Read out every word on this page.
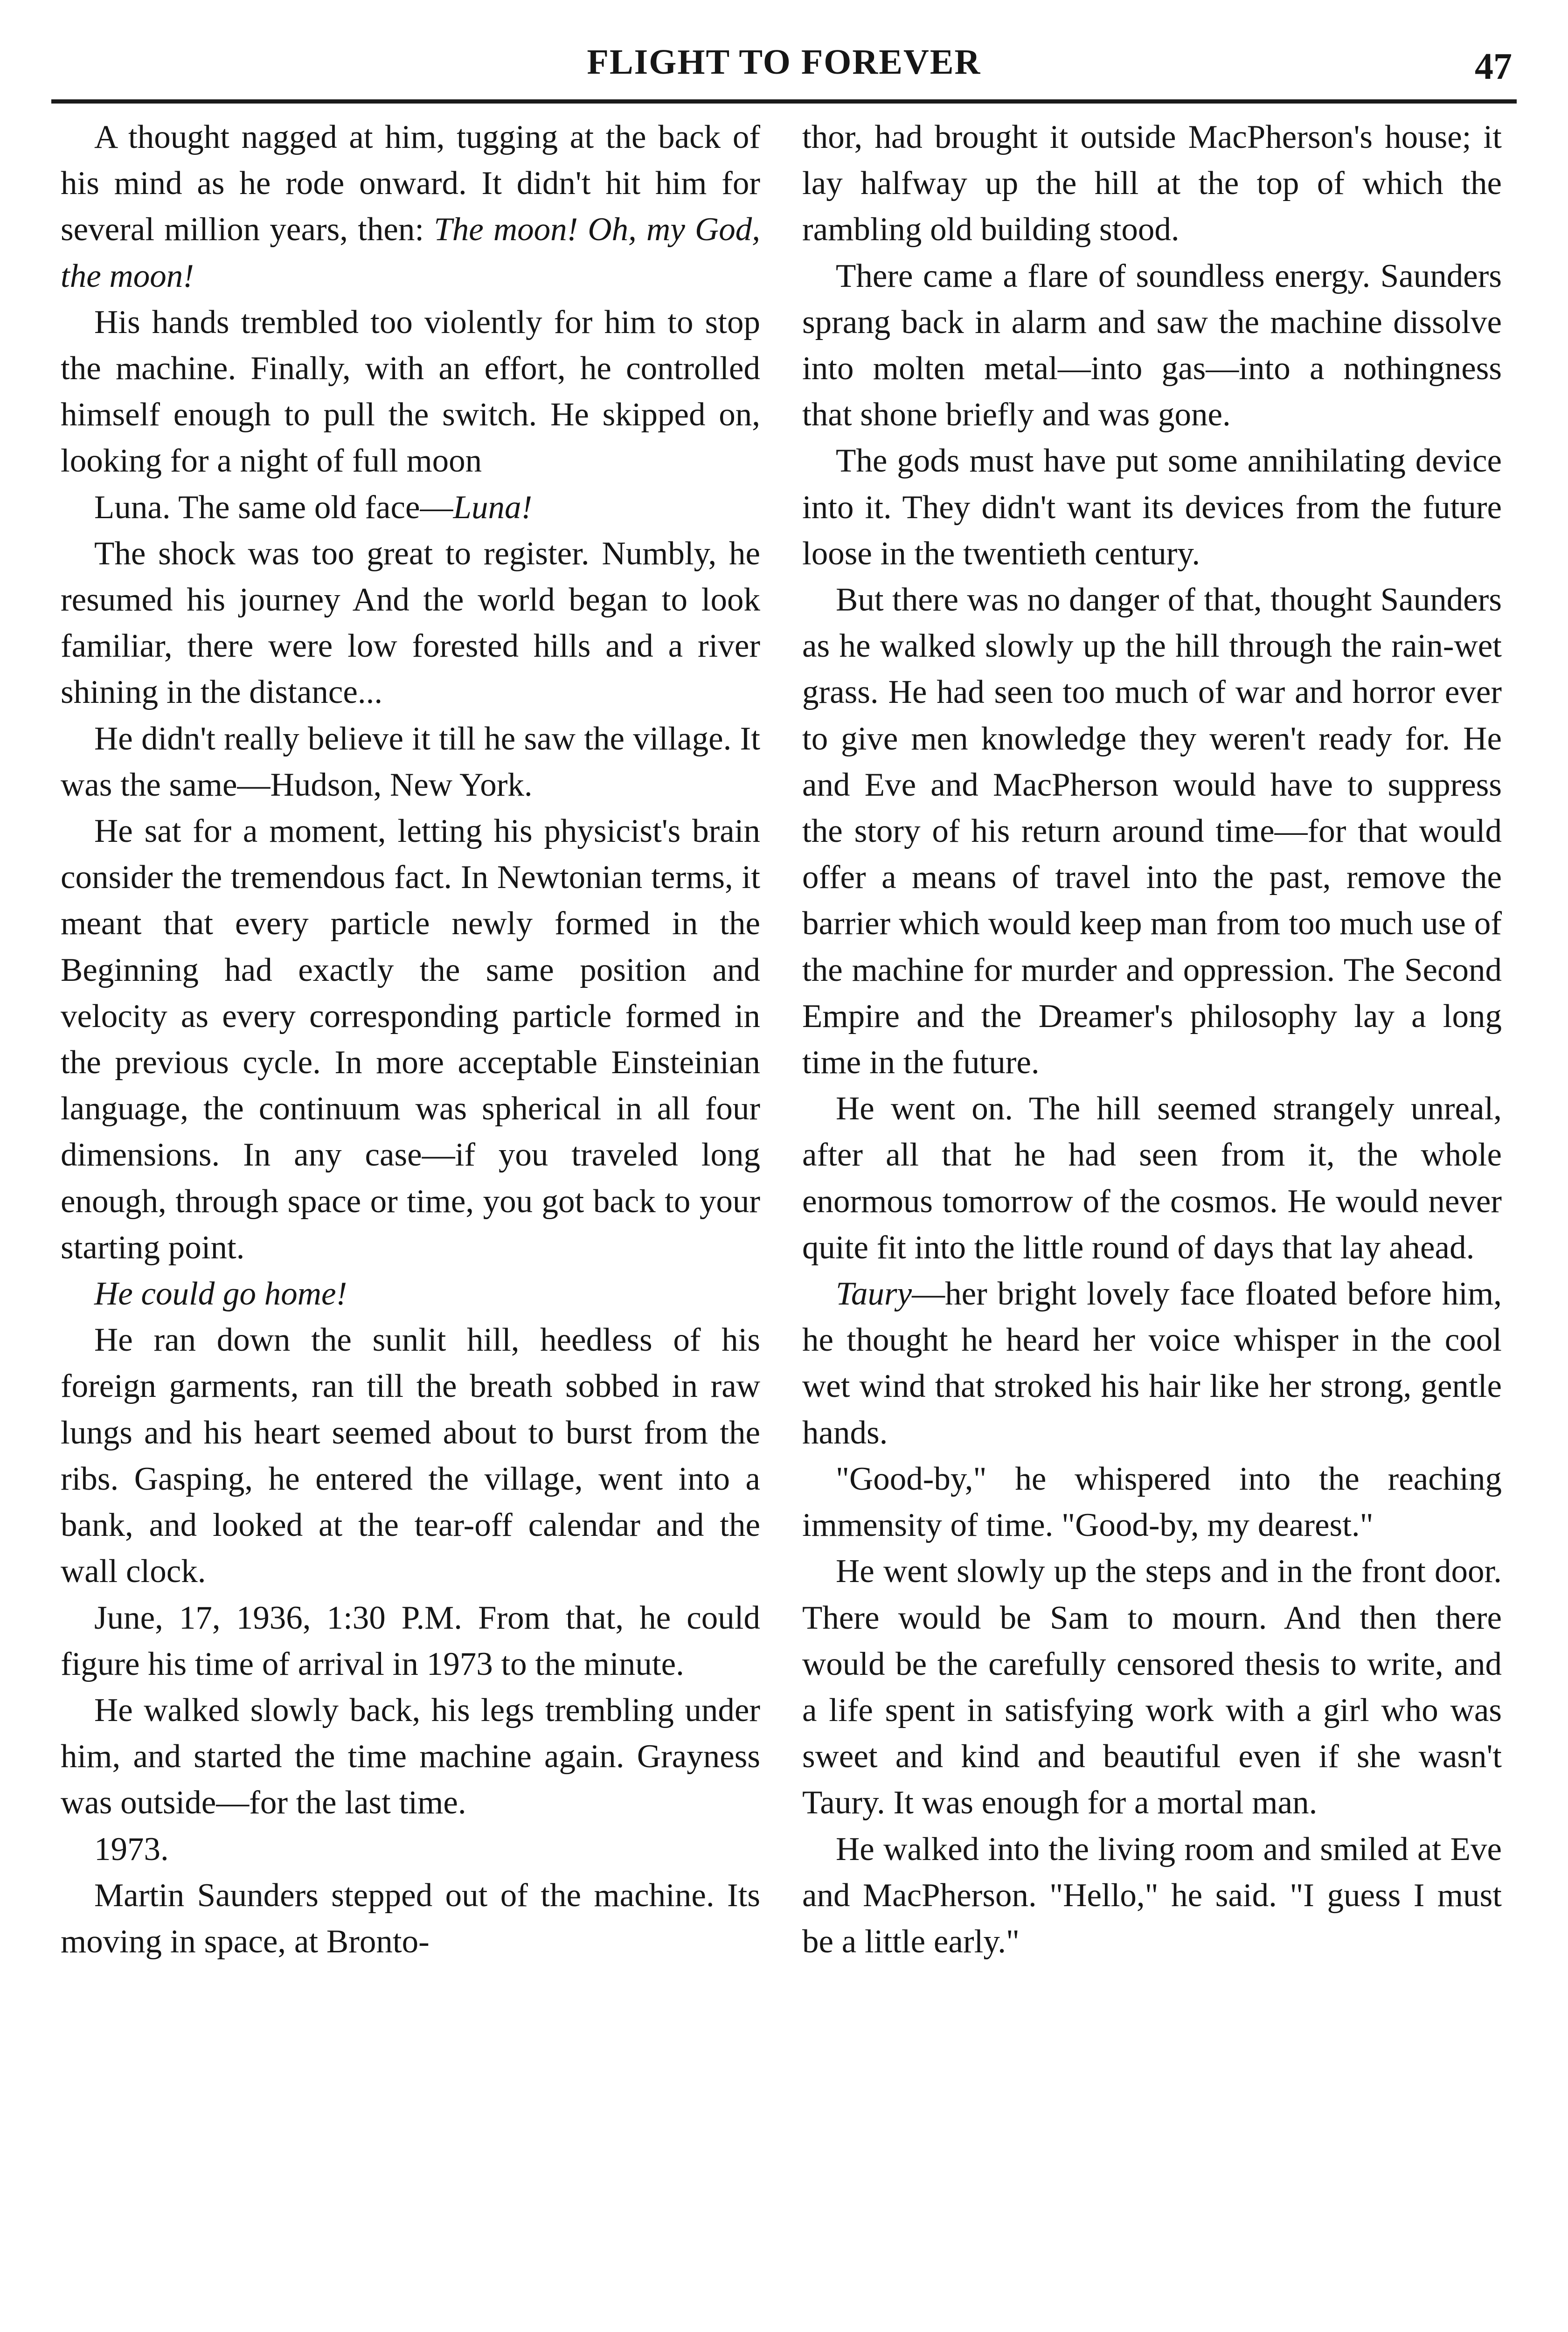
FLIGHT TO FOREVER	47

A thought nagged at him, tugging at the back of his mind as he rode onward. It didn't hit him for several million years, then: The moon! Oh, my God, the moon!

His hands trembled too violently for him to stop the machine. Finally, with an effort, he controlled himself enough to pull the switch. He skipped on, looking for a night of full moon

Luna. The same old face—Luna!

The shock was too great to register. Numbly, he resumed his journey And the world began to look familiar, there were low forested hills and a river shining in the distance...

He didn't really believe it till he saw the village. It was the same—Hudson, New York.

He sat for a moment, letting his physicist's brain consider the tremendous fact. In Newtonian terms, it meant that every particle newly formed in the Beginning had exactly the same position and velocity as every corresponding particle formed in the previous cycle. In more acceptable Einsteinian language, the continuum was spherical in all four dimensions. In any case—if you traveled long enough, through space or time, you got back to your starting point.

He could go home!

He ran down the sunlit hill, heedless of his foreign garments, ran till the breath sobbed in raw lungs and his heart seemed about to burst from the ribs. Gasping, he entered the village, went into a bank, and looked at the tear-off calendar and the wall clock.

June, 17, 1936, 1:30 P.M. From that, he could figure his time of arrival in 1973 to the minute.

He walked slowly back, his legs trembling under him, and started the time machine again. Grayness was outside—for the last time.

1973.

Martin Saunders stepped out of the machine. Its moving in space, at Bronto-

thor, had brought it outside MacPherson's house; it lay halfway up the hill at the top of which the rambling old building stood.

There came a flare of soundless energy. Saunders sprang back in alarm and saw the machine dissolve into molten metal—into gas—into a nothingness that shone briefly and was gone.

The gods must have put some annihilating device into it. They didn't want its devices from the future loose in the twentieth century.

But there was no danger of that, thought Saunders as he walked slowly up the hill through the rain-wet grass. He had seen too much of war and horror ever to give men knowledge they weren't ready for. He and Eve and MacPherson would have to suppress the story of his return around time—for that would offer a means of travel into the past, remove the barrier which would keep man from too much use of the machine for murder and oppression. The Second Empire and the Dreamer's philosophy lay a long time in the future.

He went on. The hill seemed strangely unreal, after all that he had seen from it, the whole enormous tomorrow of the cosmos. He would never quite fit into the little round of days that lay ahead.

Taury—her bright lovely face floated before him, he thought he heard her voice whisper in the cool wet wind that stroked his hair like her strong, gentle hands.

"Good-by," he whispered into the reaching immensity of time. "Good-by, my dearest."

He went slowly up the steps and in the front door. There would be Sam to mourn. And then there would be the carefully censored thesis to write, and a life spent in satisfying work with a girl who was sweet and kind and beautiful even if she wasn't Taury. It was enough for a mortal man.

He walked into the living room and smiled at Eve and MacPherson. "Hello," he said. "I guess I must be a little early."
